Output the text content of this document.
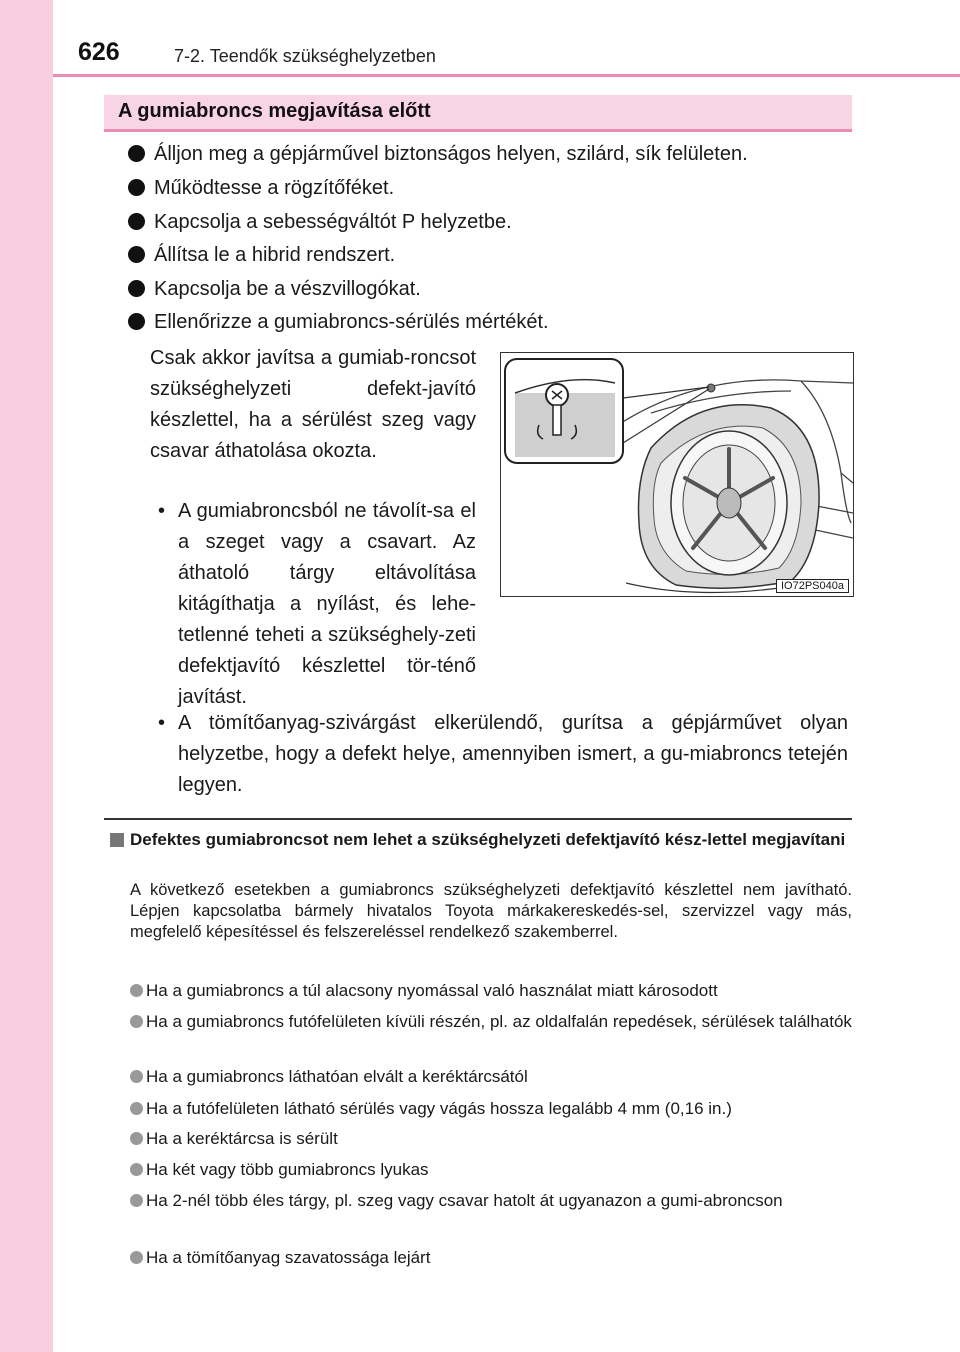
626	7-2. Teendők szükséghelyzetben
A gumiabroncs megjavítása előtt
Álljon meg a gépjárművel biztonságos helyen, szilárd, sík felületen.
Működtesse a rögzítőféket.
Kapcsolja a sebességváltót P helyzetbe.
Állítsa le a hibrid rendszert.
Kapcsolja be a vészvillogókat.
Ellenőrizze a gumiabroncs-sérülés mértékét.
Csak akkor javítsa a gumiab-roncsot szükséghelyzeti defekt-javító készlettel, ha a sérülést szeg vagy csavar áthatolása okozta.
• A gumiabroncsból ne távolít-sa el a szeget vagy a csavart. Az áthatoló tárgy eltávolítása kitágíthatja a nyílást, és lehe-tetlenné teheti a szükséghely-zeti defektjavító készlettel tör-ténő javítást.
• A tömítőanyag-szivárgást elkerülendő, gurítsa a gépjárművet olyan helyzetbe, hogy a defekt helye, amennyiben ismert, a gu-miabroncs tetején legyen.
IO72PS040a
Defektes gumiabroncsot nem lehet a szükséghelyzeti defektjavító kész-lettel megjavítani
A következő esetekben a gumiabroncs szükséghelyzeti defektjavító készlettel nem javítható. Lépjen kapcsolatba bármely hivatalos Toyota márkakereskedés-sel, szervizzel vagy más, megfelelő képesítéssel és felszereléssel rendelkező szakemberrel.
Ha a gumiabroncs a túl alacsony nyomással való használat miatt károsodott
Ha a gumiabroncs futófelületen kívüli részén, pl. az oldalfalán repedések, sérülések találhatók
Ha a gumiabroncs láthatóan elvált a keréktárcsától
Ha a futófelületen látható sérülés vagy vágás hossza legalább 4 mm (0,16 in.)
Ha a keréktárcsa is sérült
Ha két vagy több gumiabroncs lyukas
Ha 2-nél több éles tárgy, pl. szeg vagy csavar hatolt át ugyanazon a gumi-abroncson
Ha a tömítőanyag szavatossága lejárt
